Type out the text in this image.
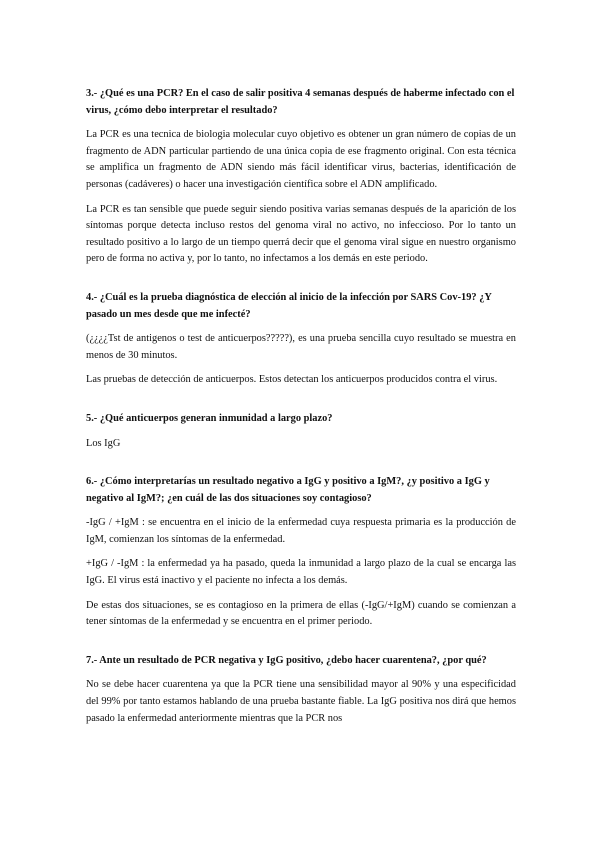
3.- ¿Qué es una PCR? En el caso de salir positiva 4 semanas después de haberme infectado con el virus, ¿cómo debo interpretar el resultado?

La PCR es una tecnica de biologia molecular cuyo objetivo es obtener un gran número de copias de un fragmento de ADN particular partiendo de una única copia de ese fragmento original. Con esta técnica se amplifica un fragmento de ADN siendo más fácil identificar virus, bacterias, identificación de personas (cadáveres) o hacer una investigación científica sobre el ADN amplificado.

La PCR es tan sensible que puede seguir siendo positiva varias semanas después de la aparición de los síntomas porque detecta incluso restos del genoma viral no activo, no infeccioso. Por lo tanto un resultado positivo a lo largo de un tiempo querrá decir que el genoma viral sigue en nuestro organismo pero de forma no activa y, por lo tanto, no infectamos a los demás en este periodo.

4.- ¿Cuál es la prueba diagnóstica de elección al inicio de la infección por SARS Cov-19? ¿Y pasado un mes desde que me infecté?

(¿¿¿¿Tst de antigenos o test de anticuerpos?????), es una prueba sencilla cuyo resultado se muestra en menos de 30 minutos.

Las pruebas de detección de anticuerpos. Estos detectan los anticuerpos producidos contra el virus.

5.- ¿Qué anticuerpos generan inmunidad a largo plazo?

Los IgG

6.- ¿Cómo interpretarías un resultado negativo a IgG y positivo a IgM?, ¿y positivo a IgG y negativo al IgM?; ¿en cuál de las dos situaciones soy contagioso?

-IgG / +IgM : se encuentra en el inicio de la enfermedad cuya respuesta primaria es la producción de IgM, comienzan los síntomas de la enfermedad.

+IgG / -IgM : la enfermedad ya ha pasado, queda la inmunidad a largo plazo de la cual se encarga las IgG. El virus está inactivo y el paciente no infecta a los demás.

De estas dos situaciones, se es contagioso en la primera de ellas (-IgG/+IgM) cuando se comienzan a tener síntomas de la enfermedad y se encuentra en el primer periodo.

7.- Ante un resultado de PCR negativa y IgG positivo, ¿debo hacer cuarentena?, ¿por qué?

No se debe hacer cuarentena ya que la PCR tiene una sensibilidad mayor al 90% y una especificidad del 99% por tanto estamos hablando de una prueba bastante fiable. La IgG positiva nos dirá que hemos pasado la enfermedad anteriormente mientras que la PCR nos
